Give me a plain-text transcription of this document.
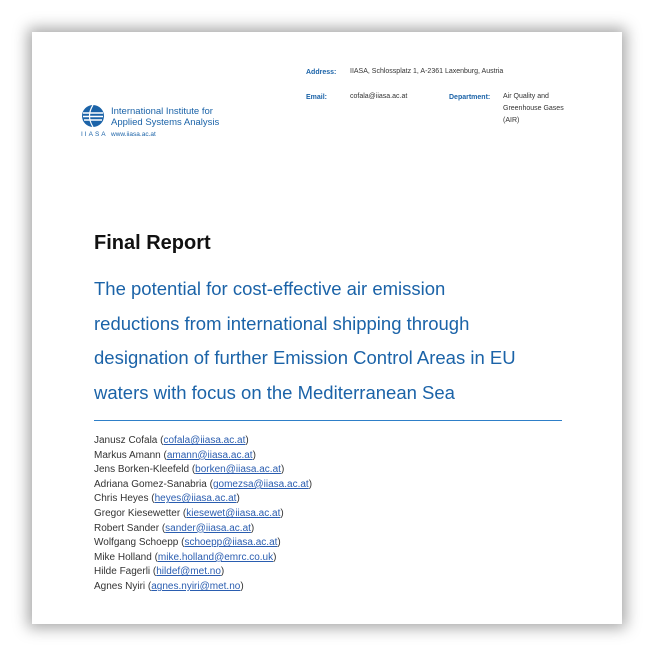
International Institute for
Applied Systems Analysis
IIASA www.iiasa.ac.at
Address: IIASA, Schlossplatz 1, A-2361 Laxenburg, Austria
Email:	cofala@iiasa.ac.at	Department: Air Quality and
Greenhouse Gases
(AIR)
Final Report
The potential for cost-effective air emission
reductions from international shipping through
designation of further Emission Control Areas in EU
waters with focus on the Mediterranean Sea
Janusz Cofala (cofala@iiasa.ac.at)
Markus Amann (amann@iiasa.ac.at)
Jens Borken-Kleefeld (borken@iiasa.ac.at)
Adriana Gomez-Sanabria (gomezsa@iiasa.ac.at)
Chris Heyes (heyes@iiasa.ac.at)
Gregor Kiesewetter (kiesewet@iiasa.ac.at)
Robert Sander (sander@iiasa.ac.at)
Wolfgang Schoepp (schoepp@iiasa.ac.at)
Mike Holland (mike.holland@emrc.co.uk)
Hilde Fagerli (hildef@met.no)
Agnes Nyiri (agnes.nyiri@met.no)
